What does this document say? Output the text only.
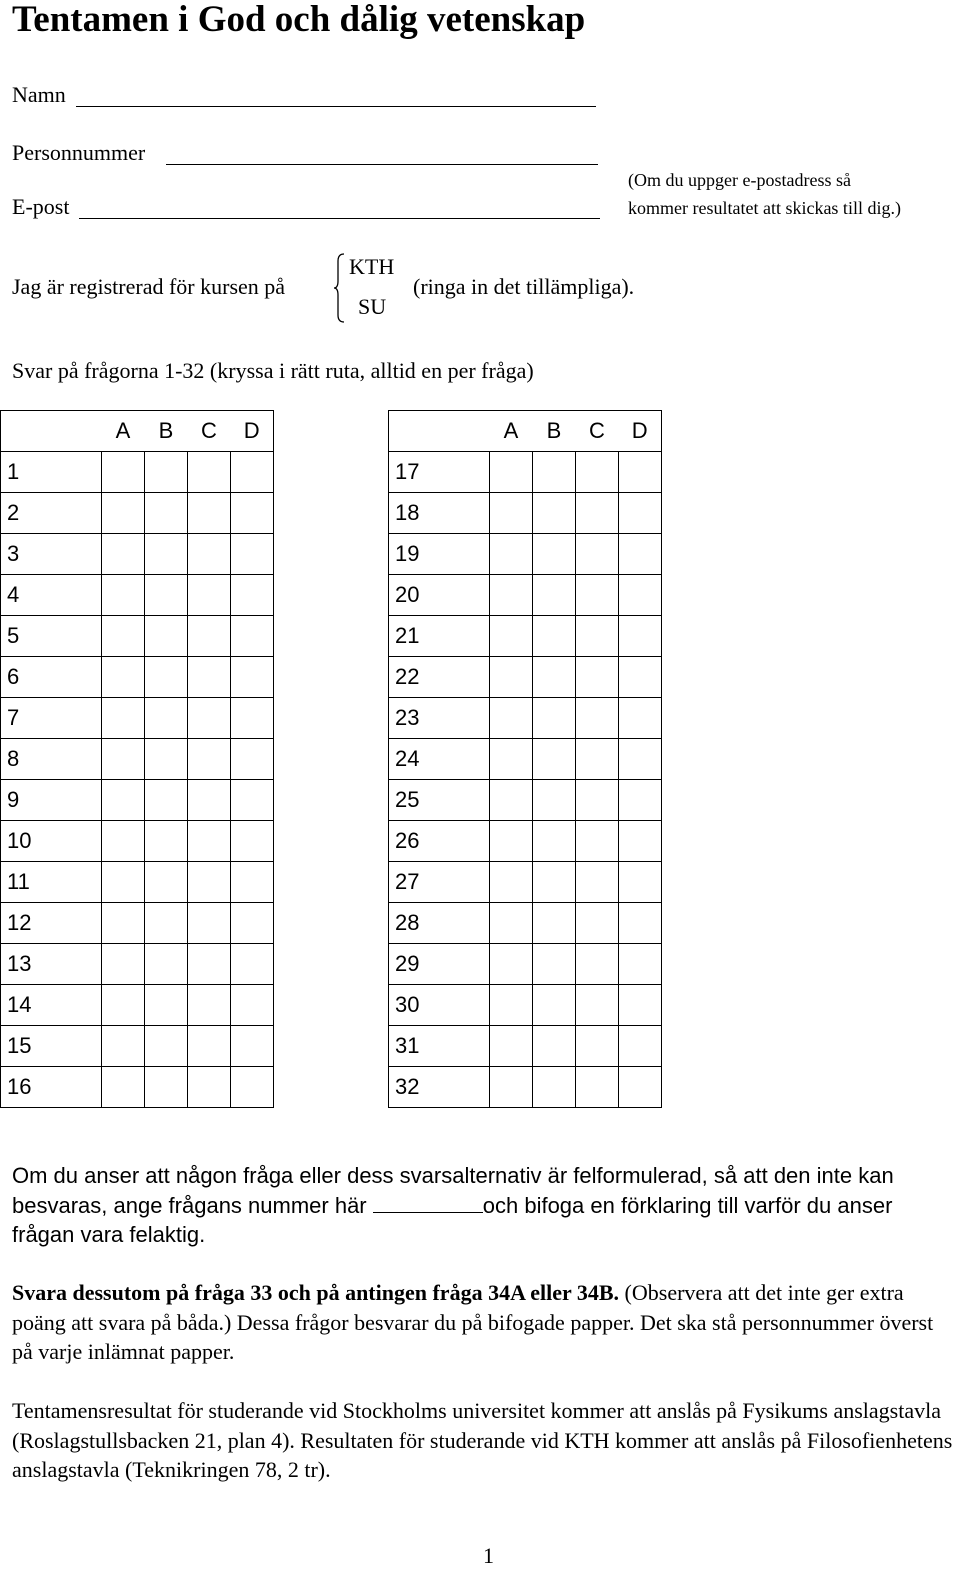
Tentamen i God och dålig vetenskap
Namn
Personnummer
E-post
(Om du uppger e-postadress så
kommer resultatet att skickas till dig.)
Jag är registrerad för kursen på
KTH
SU
(ringa in det tillämpliga).
Svar på frågorna 1-32 (kryssa i rätt ruta, alltid en per fråga)
	A	B	C	D
1				
2				
3				
4				
5				
6				
7				
8				
9				
10				
11				
12				
13				
14				
15				
16				
	A	B	C	D
17				
18				
19				
20				
21				
22				
23				
24				
25				
26				
27				
28				
29				
30				
31				
32				
Om du anser att någon fråga eller dess svarsalternativ är felformulerad, så att den inte kan besvaras, ange frågans nummer här	och bifoga en förklaring till varför du anser frågan vara felaktig.
Svara dessutom på fråga 33 och på antingen fråga 34A eller 34B. (Observera att det inte ger extra poäng att svara på båda.) Dessa frågor besvarar du på bifogade papper. Det ska stå personnummer överst på varje inlämnat papper.
Tentamensresultat för studerande vid Stockholms universitet kommer att anslås på Fysikums anslagstavla (Roslagstullsbacken 21, plan 4). Resultaten för studerande vid KTH kommer att anslås på Filosofienhetens anslagstavla (Teknikringen 78, 2 tr).
1
